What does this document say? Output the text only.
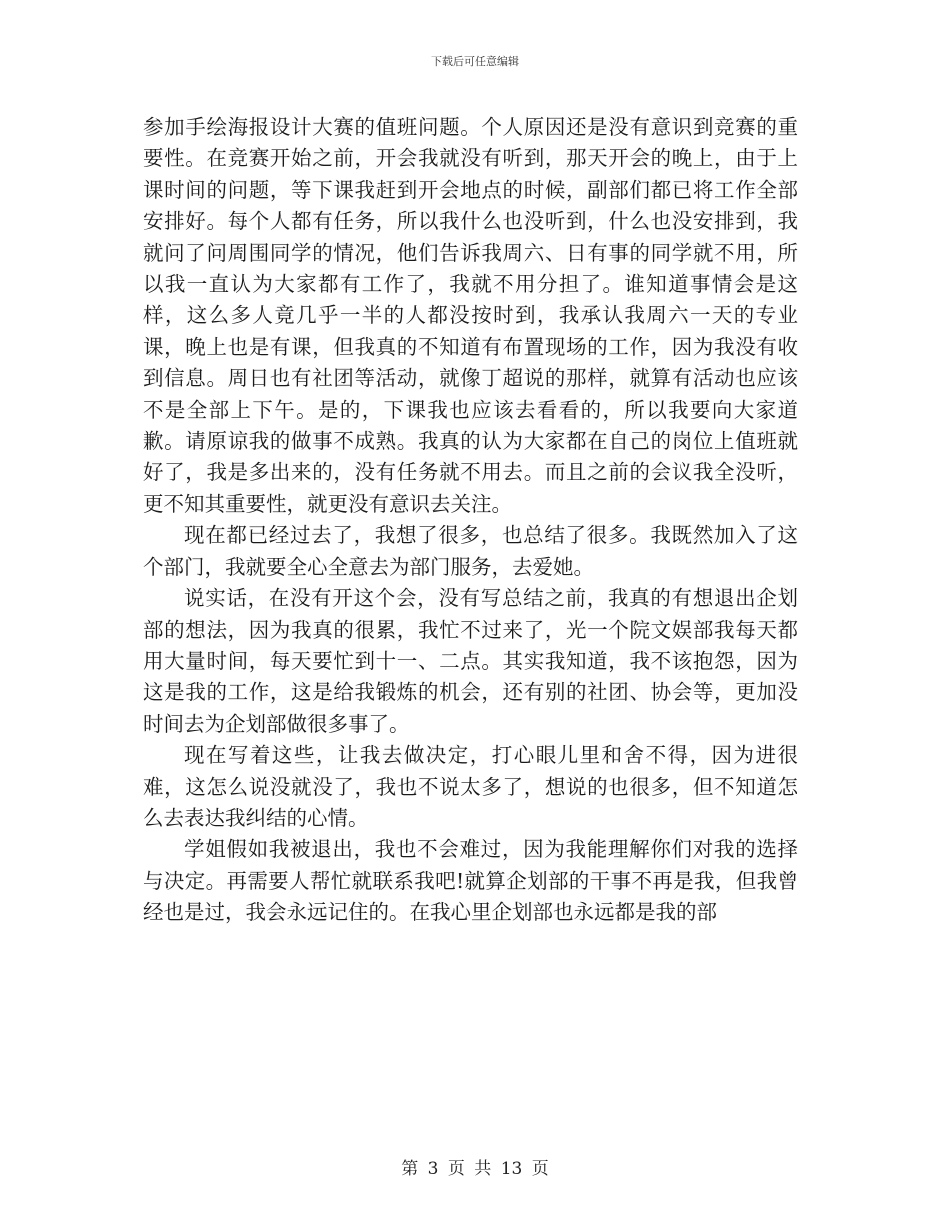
下载后可任意编辑

参加手绘海报设计大赛的值班问题。个人原因还是没有意识到竞赛的重要性。在竞赛开始之前，开会我就没有听到，那天开会的晚上，由于上课时间的问题，等下课我赶到开会地点的时候，副部们都已将工作全部安排好。每个人都有任务，所以我什么也没听到，什么也没安排到，我就问了问周围同学的情况，他们告诉我周六、日有事的同学就不用，所以我一直认为大家都有工作了，我就不用分担了。谁知道事情会是这样，这么多人竟几乎一半的人都没按时到，我承认我周六一天的专业课，晚上也是有课，但我真的不知道有布置现场的工作，因为我没有收到信息。周日也有社团等活动，就像丁超说的那样，就算有活动也应该不是全部上下午。是的，下课我也应该去看看的，所以我要向大家道歉。请原谅我的做事不成熟。我真的认为大家都在自己的岗位上值班就好了，我是多出来的，没有任务就不用去。而且之前的会议我全没听，更不知其重要性，就更没有意识去关注。

现在都已经过去了，我想了很多，也总结了很多。我既然加入了这个部门，我就要全心全意去为部门服务，去爱她。

说实话，在没有开这个会，没有写总结之前，我真的有想退出企划部的想法，因为我真的很累，我忙不过来了，光一个院文娱部我每天都用大量时间，每天要忙到十一、二点。其实我知道，我不该抱怨，因为这是我的工作，这是给我锻炼的机会，还有别的社团、协会等，更加没时间去为企划部做很多事了。

现在写着这些，让我去做决定，打心眼儿里和舍不得，因为进很难，这怎么说没就没了，我也不说太多了，想说的也很多，但不知道怎么去表达我纠结的心情。

学姐假如我被退出，我也不会难过，因为我能理解你们对我的选择与决定。再需要人帮忙就联系我吧!就算企划部的干事不再是我，但我曾经也是过，我会永远记住的。在我心里企划部也永远都是我的部

第 3 页 共 13 页
